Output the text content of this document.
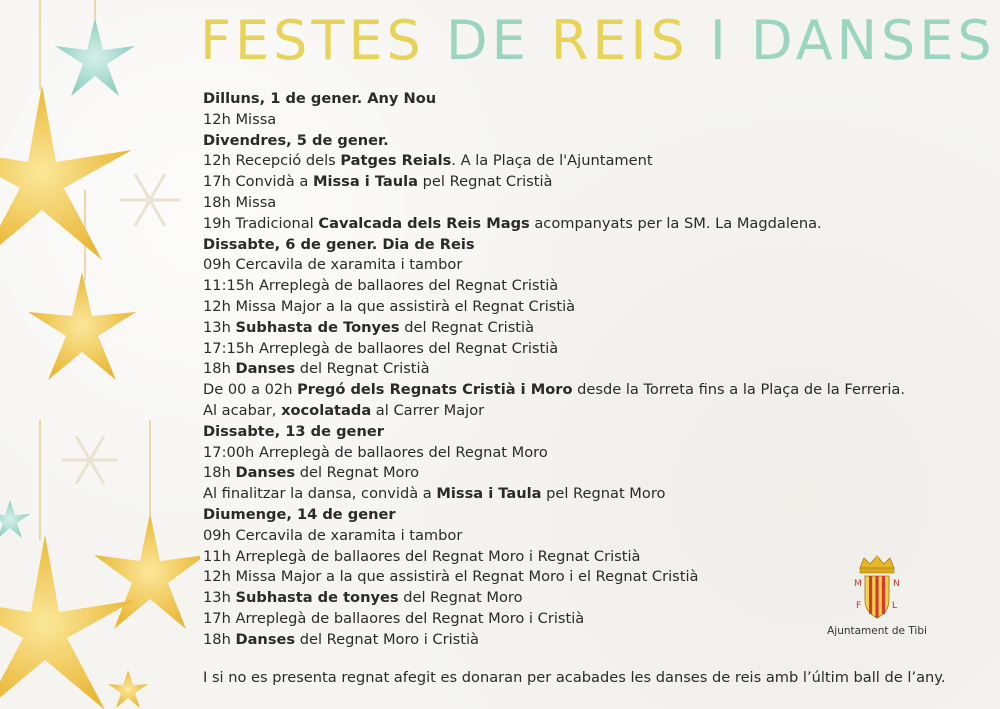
FESTES DE REIS I DANSES
Dilluns, 1 de gener. Any Nou
12h Missa
Divendres, 5 de gener.
12h Recepció dels Patges Reials. A la Plaça de l'Ajuntament
17h Convidà a Missa i Taula pel Regnat Cristià
18h Missa
19h Tradicional Cavalcada dels Reis Mags acompanyats per la SM. La Magdalena.
Dissabte, 6 de gener. Dia de Reis
09h Cercavila de xaramita i tambor
11:15h Arreplegà de ballaores del Regnat Cristià
12h Missa Major a la que assistirà el Regnat Cristià
13h Subhasta de Tonyes del Regnat Cristià
17:15h Arreplegà de ballaores del Regnat Cristià
18h Danses del Regnat Cristià
De 00 a 02h Pregó dels Regnats Cristià i Moro desde la Torreta fins a la Plaça de la Ferreria.
Al acabar, xocolatada al Carrer Major
Dissabte, 13 de gener
17:00h Arreplegà de ballaores del Regnat Moro
18h Danses del Regnat Moro
Al finalitzar la dansa, convidà a Missa i Taula pel Regnat Moro
Diumenge, 14 de gener
09h Cercavila de xaramita i tambor
11h Arreplegà de ballaores del Regnat Moro i Regnat Cristià
12h Missa Major a la que assistirà el Regnat Moro i el Regnat Cristià
13h Subhasta de tonyes del Regnat Moro
17h Arreplegà de ballaores del Regnat Moro i Cristià
18h Danses del Regnat Moro i Cristià
I si no es presenta regnat afegit es donaran per acabades les danses de reis amb l’últim ball de l’any.
M	N
F	L
Ajuntament de Tibi
